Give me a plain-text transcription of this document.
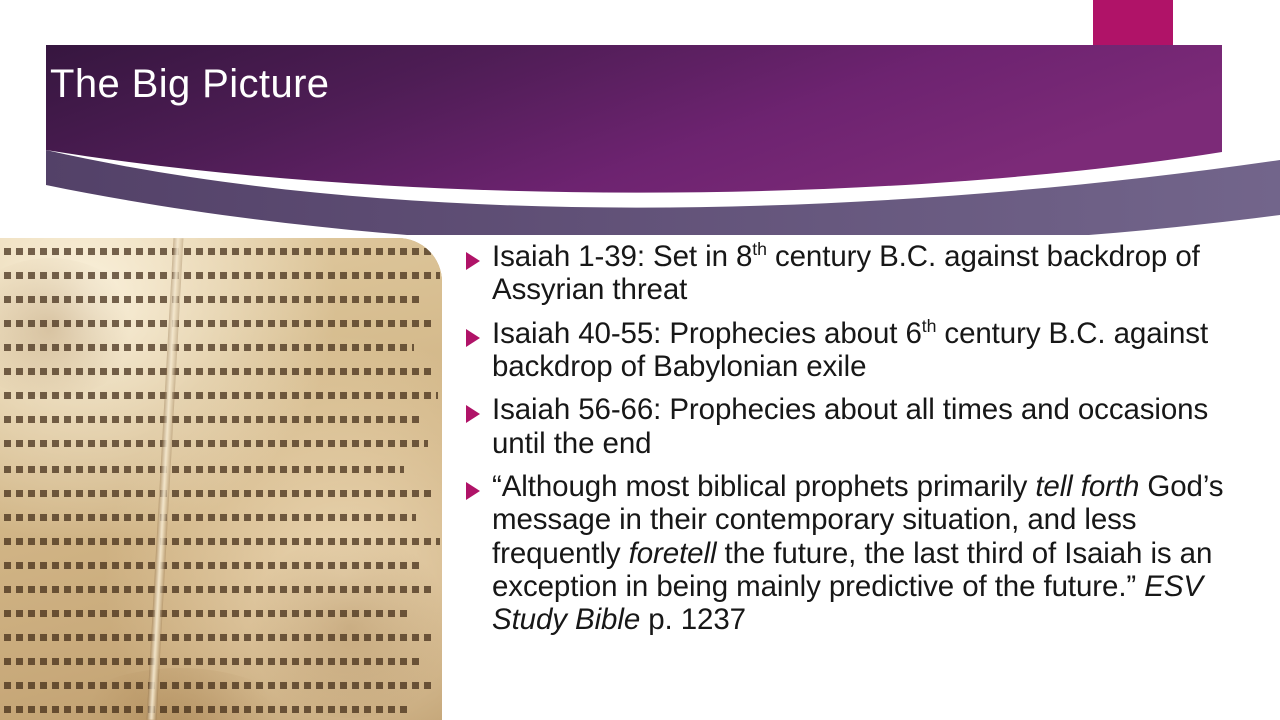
The Big Picture
Isaiah 1-39: Set in 8th century B.C. against backdrop of Assyrian threat
Isaiah 40-55: Prophecies about 6th century B.C. against backdrop of Babylonian exile
Isaiah 56-66: Prophecies about all times and occasions until the end
“Although most biblical prophets primarily tell forth God’s message in their contemporary situation, and less frequently foretell the future, the last third of Isaiah is an exception in being mainly predictive of the future.” ESV Study Bible p. 1237
